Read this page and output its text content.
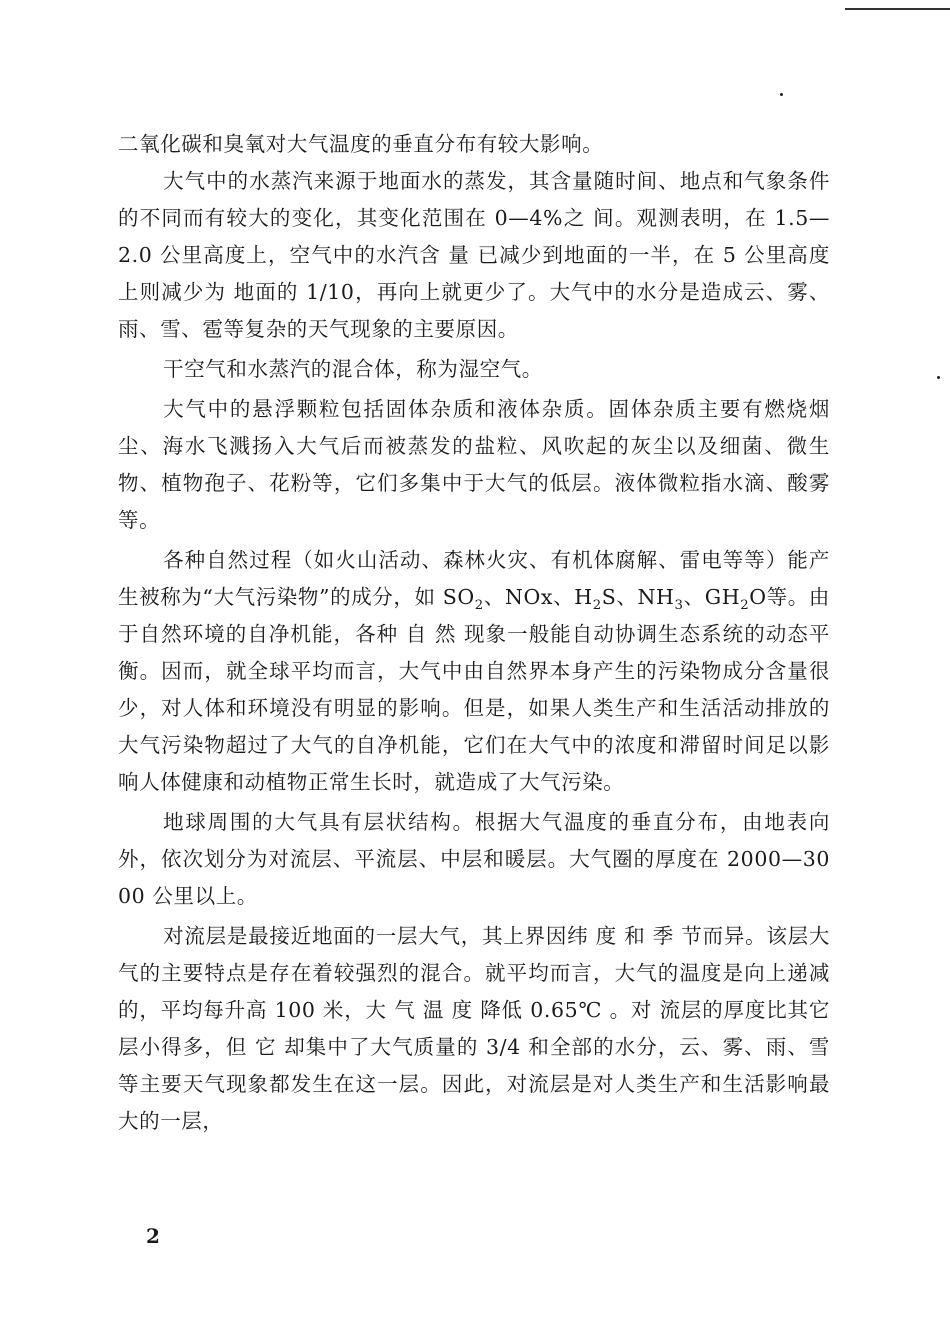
二氧化碳和臭氧对大气温度的垂直分布有较大影响。

大气中的水蒸汽来源于地面水的蒸发，其含量随时间、地点和气象条件的不同而有较大的变化，其变化范围在 0—4%之 间。观测表明，在 1.5—2.0 公里高度上，空气中的水汽含 量 已减少到地面的一半，在 5 公里高度上则减少为 地面的 1/10，再向上就更少了。大气中的水分是造成云、雾、雨、雪、雹等复杂的天气现象的主要原因。

干空气和水蒸汽的混合体，称为湿空气。

大气中的悬浮颗粒包括固体杂质和液体杂质。固体杂质主要有燃烧烟尘、海水飞溅扬入大气后而被蒸发的盐粒、风吹起的灰尘以及细菌、微生物、植物孢子、花粉等，它们多集中于大气的低层。液体微粒指水滴、酸雾等。

各种自然过程（如火山活动、森林火灾、有机体腐解、雷电等等）能产生被称为“大气污染物”的成分，如 $SO_2$、NOx、$H_2S$、$NH_3$、$GH_2O$等。由于自然环境的自净机能，各种 自 然 现象一般能自动协调生态系统的动态平衡。因而，就全球平均而言，大气中由自然界本身产生的污染物成分含量很少，对人体和环境没有明显的影响。但是，如果人类生产和生活活动排放的大气污染物超过了大气的自净机能，它们在大气中的浓度和滞留时间足以影响人体健康和动植物正常生长时，就造成了大气污染。

地球周围的大气具有层状结构。根据大气温度的垂直分布，由地表向外，依次划分为对流层、平流层、中层和暖层。大气圈的厚度在 2000—3000 公里以上。

对流层是最接近地面的一层大气，其上界因纬 度 和 季 节而异。该层大气的主要特点是存在着较强烈的混合。就平均而言，大气的温度是向上递减的，平均每升高 100 米，大 气 温 度 降低 0.65℃ 。对 流层的厚度比其它层小得多，但 它 却集中了大气质量的 3/4 和全部的水分，云、雾、雨、雪等主要天气现象都发生在这一层。因此，对流层是对人类生产和生活影响最大的一层，

2
